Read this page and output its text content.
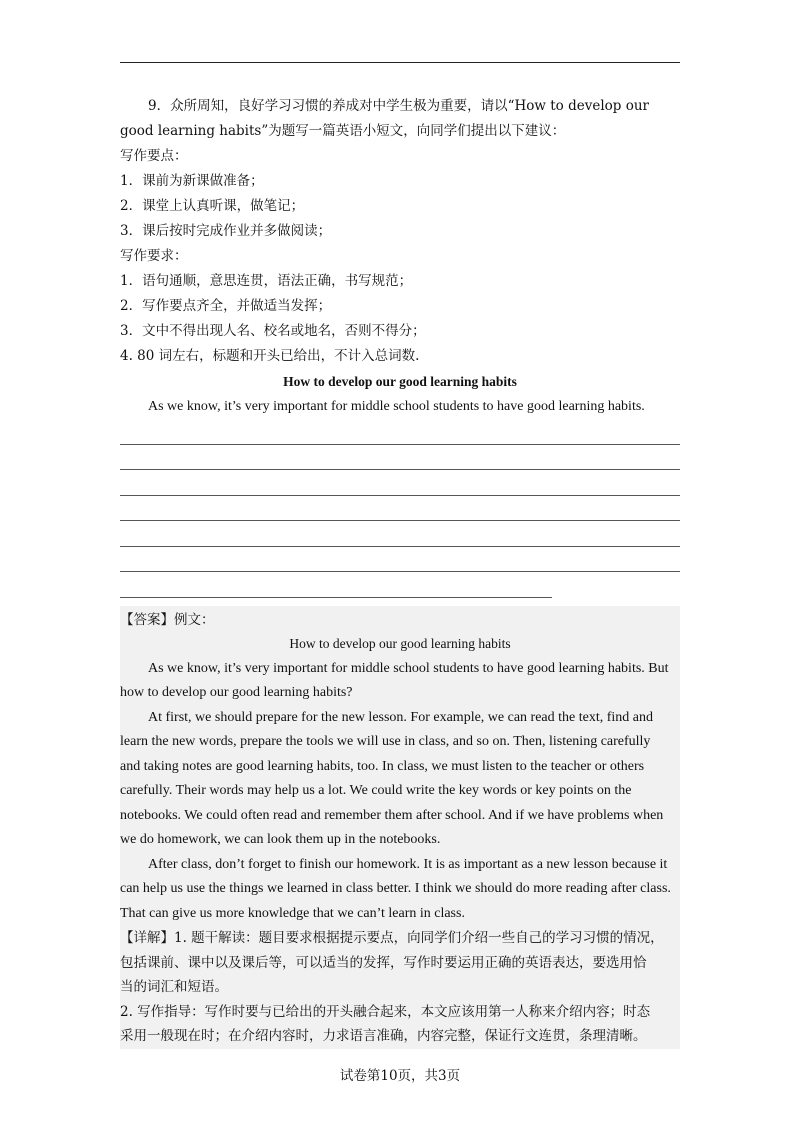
9．众所周知，良好学习习惯的养成对中学生极为重要，请以“How to develop our
good learning habits”为题写一篇英语小短文，向同学们提出以下建议：
写作要点：
1．课前为新课做准备；
2．课堂上认真听课，做笔记；
3．课后按时完成作业并多做阅读；
写作要求：
1．语句通顺，意思连贯，语法正确，书写规范；
2．写作要点齐全，并做适当发挥；
3．文中不得出现人名、校名或地名，否则不得分；
4. 80 词左右，标题和开头已给出，不计入总词数.
How to develop our good learning habits
As we know, it’s very important for middle school students to have good learning habits.
【答案】例文：
How to develop our good learning habits
As we know, it’s very important for middle school students to have good learning habits. But
how to develop our good learning habits?
At first, we should prepare for the new lesson. For example, we can read the text, find and
learn the new words, prepare the tools we will use in class, and so on. Then, listening carefully
and taking notes are good learning habits, too. In class, we must listen to the teacher or others
carefully. Their words may help us a lot. We could write the key words or key points on the
notebooks. We could often read and remember them after school. And if we have problems when
we do homework, we can look them up in the notebooks.
After class, don’t forget to finish our homework. It is as important as a new lesson because it
can help us use the things we learned in class better. I think we should do more reading after class.
That can give us more knowledge that we can’t learn in class.
【详解】1. 题干解读：题目要求根据提示要点，向同学们介绍一些自己的学习习惯的情况，
包括课前、课中以及课后等，可以适当的发挥，写作时要运用正确的英语表达，要选用恰
当的词汇和短语。
2. 写作指导：写作时要与已给出的开头融合起来，本文应该用第一人称来介绍内容；时态
采用一般现在时；在介绍内容时，力求语言准确，内容完整，保证行文连贯，条理清晰。
试卷第10页，共3页
